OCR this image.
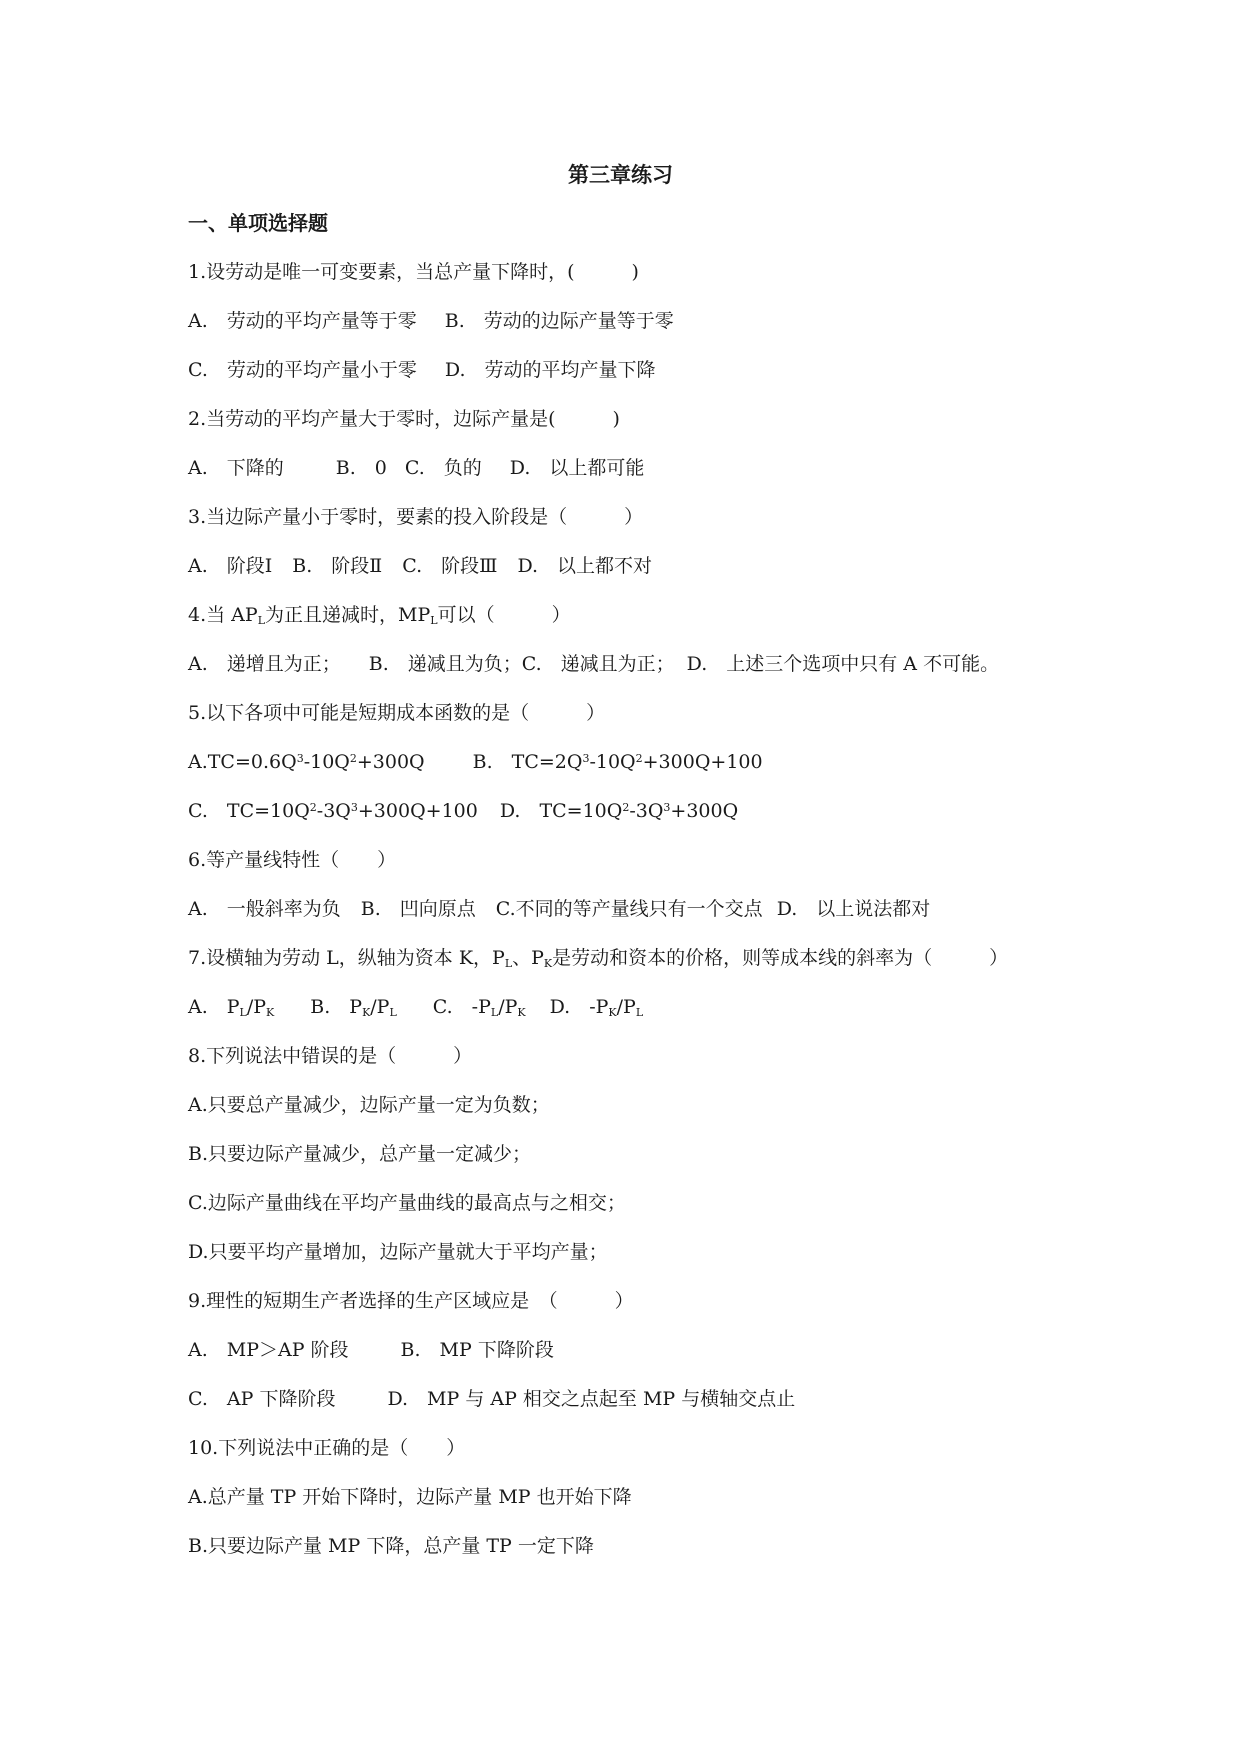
第三章练习
一、单项选择题

1.设劳动是唯一可变要素，当总产量下降时，(　　　)

A.　劳动的平均产量等于零 B.　劳动的边际产量等于零

C.　劳动的平均产量小于零 D.　劳动的平均产量下降

2.当劳动的平均产量大于零时，边际产量是(　　　)

A.　下降的	B.　0 C.　负的 D.　以上都可能

3.当边际产量小于零时，要素的投入阶段是（　　　）

A.　阶段Ⅰ B.　阶段Ⅱ C.　阶段Ⅲ D.　以上都不对

4.当 $AP_L$为正且递减时，$MP_L$可以（　　　）

A.　递增且为正； B.　递减且为负；C.　递减且为正； D.　上述三个选项中只有 A 不可能。

5.以下各项中可能是短期成本函数的是（　　　）

$A.TC=0.6Q^3-10Q^2+300Q$	B.　$TC=2Q^3-10Q^2+300Q+100$

C.　$TC=10Q^2-3Q^3+300Q+100$ D.　$TC=10Q^2-3Q^3+300Q$

6.等产量线特性（　　）

A.　一般斜率为负 B.　凹向原点 C.不同的等产量线只有一个交点 D.　以上说法都对

7.设横轴为劳动 L，纵轴为资本 K，$P_L$、$P_K$是劳动和资本的价格，则等成本线的斜率为（　　　）

A.　$P_L/P_K$ B.　$P_K/P_L$ C.　$-P_L/P_K$ D.　$-P_K/P_L$

8.下列说法中错误的是（　　　）

A.只要总产量减少，边际产量一定为负数；

B.只要边际产量减少，总产量一定减少；

C.边际产量曲线在平均产量曲线的最高点与之相交；

D.只要平均产量增加，边际产量就大于平均产量；

9.理性的短期生产者选择的生产区域应是　（　　　）

A.　MP＞AP 阶段	B.　MP 下降阶段

C.　AP 下降阶段	D.　MP 与 AP 相交之点起至 MP 与横轴交点止

10.下列说法中正确的是（　　）

A.总产量 TP 开始下降时，边际产量 MP 也开始下降

B.只要边际产量 MP 下降，总产量 TP 一定下降
